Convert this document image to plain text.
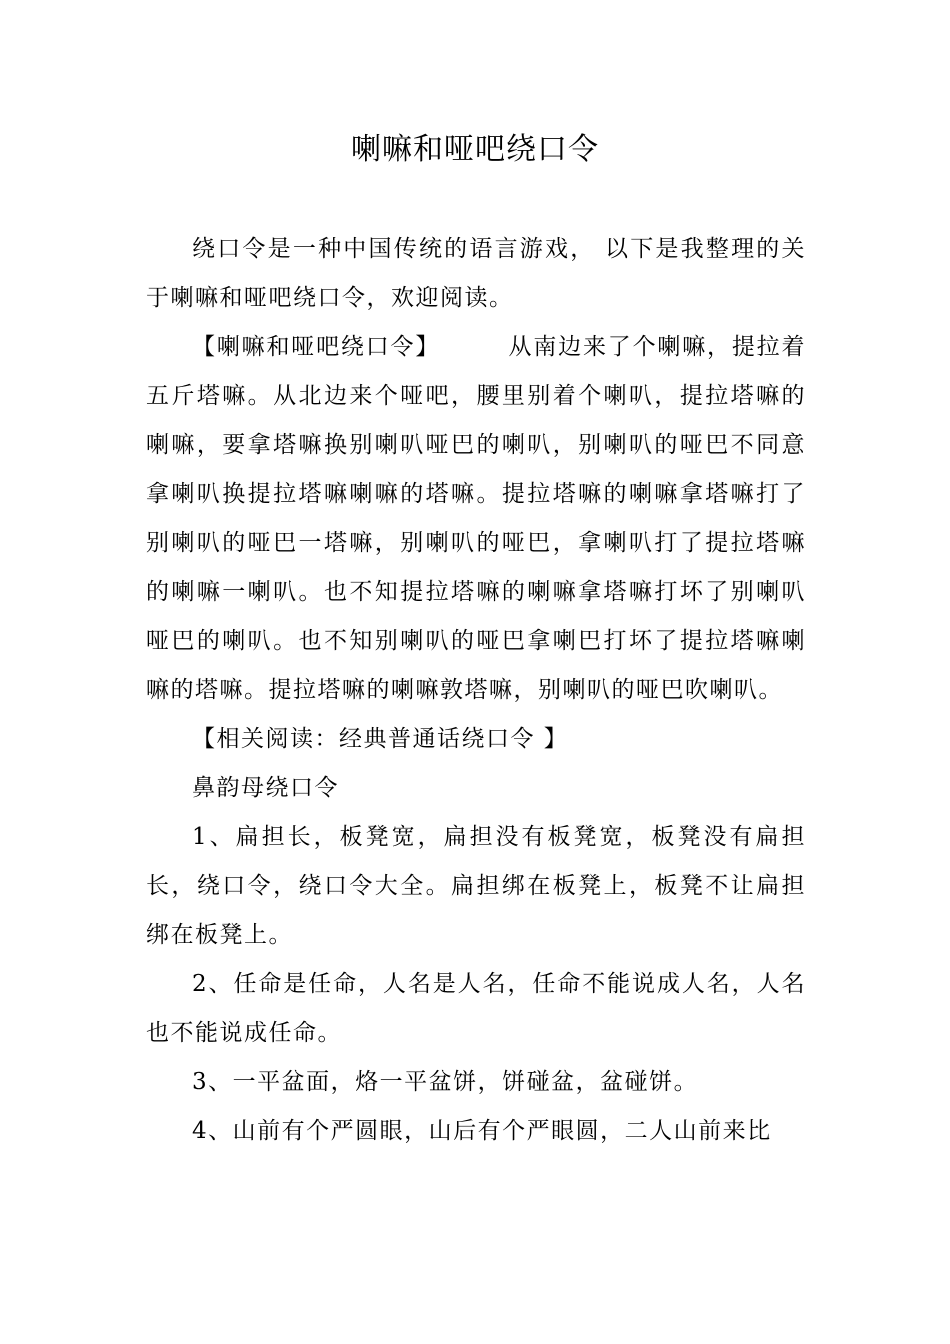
喇嘛和哑吧绕口令

绕口令是一种中国传统的语言游戏， 以下是我整理的关于喇嘛和哑吧绕口令，欢迎阅读。

【喇嘛和哑吧绕口令】	从南边来了个喇嘛，提拉着五斤塔嘛。从北边来个哑吧，腰里别着个喇叭，提拉塔嘛的喇嘛，要拿塔嘛换别喇叭哑巴的喇叭，别喇叭的哑巴不同意拿喇叭换提拉塔嘛喇嘛的塔嘛。提拉塔嘛的喇嘛拿塔嘛打了别喇叭的哑巴一塔嘛，别喇叭的哑巴，拿喇叭打了提拉塔嘛的喇嘛一喇叭。也不知提拉塔嘛的喇嘛拿塔嘛打坏了别喇叭哑巴的喇叭。也不知别喇叭的哑巴拿喇巴打坏了提拉塔嘛喇嘛的塔嘛。提拉塔嘛的喇嘛敦塔嘛，别喇叭的哑巴吹喇叭。

【相关阅读：经典普通话绕口令 】

鼻韵母绕口令

1、扁担长，板凳宽，扁担没有板凳宽，板凳没有扁担长，绕口令，绕口令大全。扁担绑在板凳上，板凳不让扁担绑在板凳上。

2、任命是任命，人名是人名，任命不能说成人名，人名也不能说成任命。

3、一平盆面，烙一平盆饼，饼碰盆，盆碰饼。

4、山前有个严圆眼，山后有个严眼圆，二人山前来比
